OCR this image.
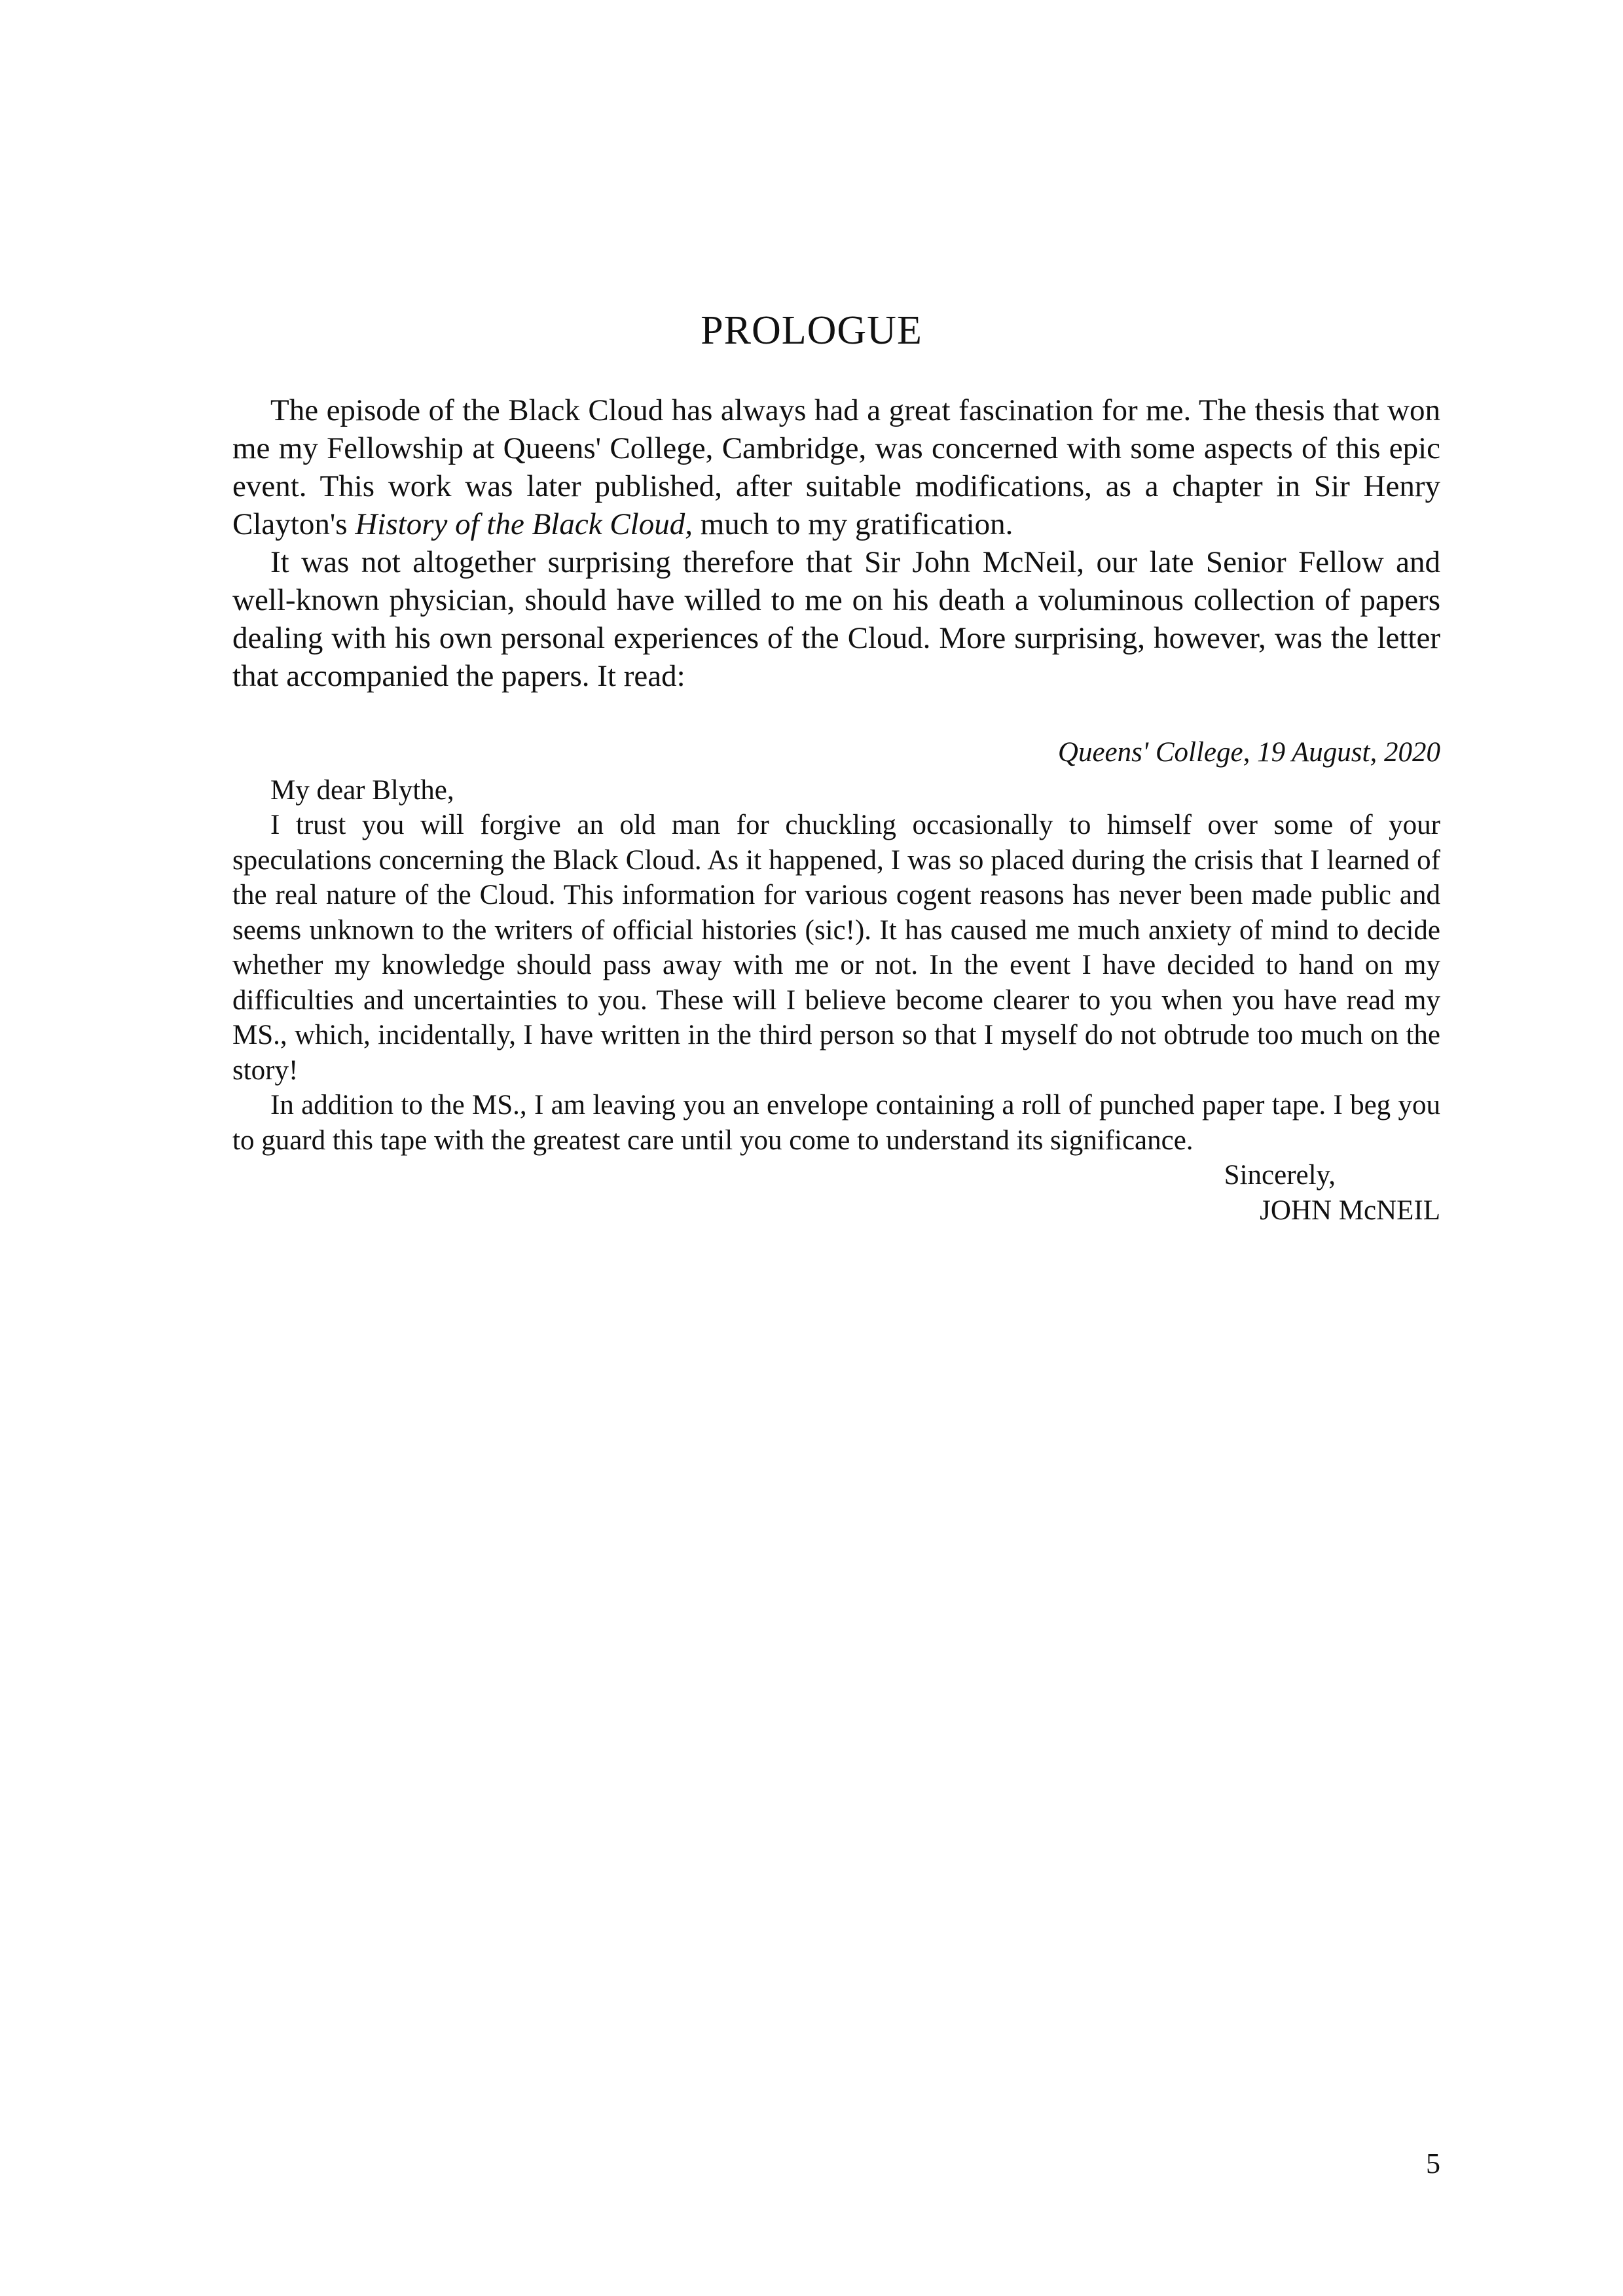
PROLOGUE

The episode of the Black Cloud has always had a great fascination for me. The thesis that won me my Fellowship at Queens' College, Cambridge, was concerned with some aspects of this epic event. This work was later published, after suitable modifications, as a chapter in Sir Henry Clayton's History of the Black Cloud, much to my gratification.

It was not altogether surprising therefore that Sir John McNeil, our late Senior Fellow and well-known physician, should have willed to me on his death a voluminous collection of papers dealing with his own personal experiences of the Cloud. More surprising, however, was the letter that accompanied the papers. It read:

Queens' College, 19 August, 2020

My dear Blythe,

I trust you will forgive an old man for chuckling occasionally to himself over some of your speculations concerning the Black Cloud. As it happened, I was so placed during the crisis that I learned of the real nature of the Cloud. This information for various cogent reasons has never been made public and seems unknown to the writers of official histories (sic!). It has caused me much anxiety of mind to decide whether my knowledge should pass away with me or not. In the event I have decided to hand on my difficulties and uncertainties to you. These will I believe become clearer to you when you have read my MS., which, incidentally, I have written in the third person so that I myself do not obtrude too much on the story!

In addition to the MS., I am leaving you an envelope containing a roll of punched paper tape. I beg you to guard this tape with the greatest care until you come to understand its significance.

Sincerely,

JOHN McNEIL

5
